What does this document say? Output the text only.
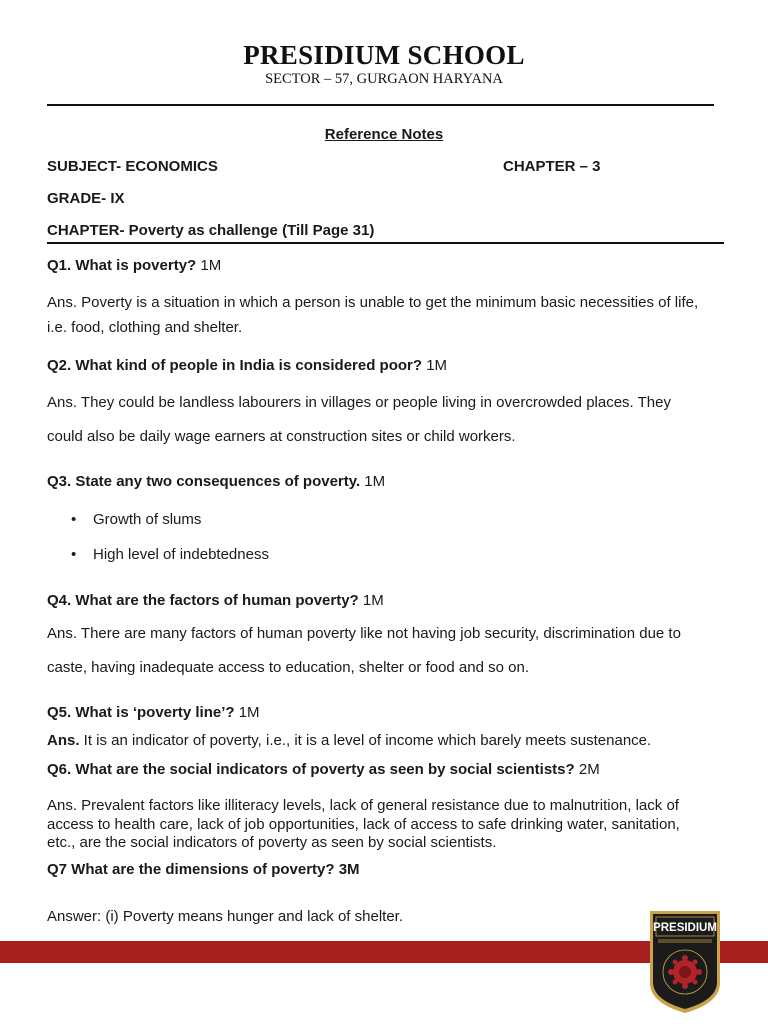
PRESIDIUM SCHOOL
SECTOR – 57, GURGAON HARYANA
Reference Notes
SUBJECT- ECONOMICS	CHAPTER – 3
GRADE- IX
CHAPTER- Poverty as challenge (Till Page 31)
Q1. What is poverty? 1M
Ans. Poverty is a situation in which a person is unable to get the minimum basic necessities of life,
i.e. food, clothing and shelter.
Q2. What kind of people in India is considered poor? 1M
Ans. They could be landless labourers in villages or people living in overcrowded places. They
could also be daily wage earners at construction sites or child workers.
Q3. State any two consequences of poverty. 1M
• Growth of slums
• High level of indebtedness
Q4. What are the factors of human poverty? 1M
Ans. There are many factors of human poverty like not having job security, discrimination due to
caste, having inadequate access to education, shelter or food and so on.
Q5. What is ‘poverty line’? 1M
Ans. It is an indicator of poverty, i.e., it is a level of income which barely meets sustenance.
Q6. What are the social indicators of poverty as seen by social scientists? 2M
Ans. Prevalent factors like illiteracy levels, lack of general resistance due to malnutrition, lack of
access to health care, lack of job opportunities, lack of access to safe drinking water, sanitation,
etc., are the social indicators of poverty as seen by social scientists.
Q7 What are the dimensions of poverty? 3M
Answer: (i) Poverty means hunger and lack of shelter.
PRESIDIUM
